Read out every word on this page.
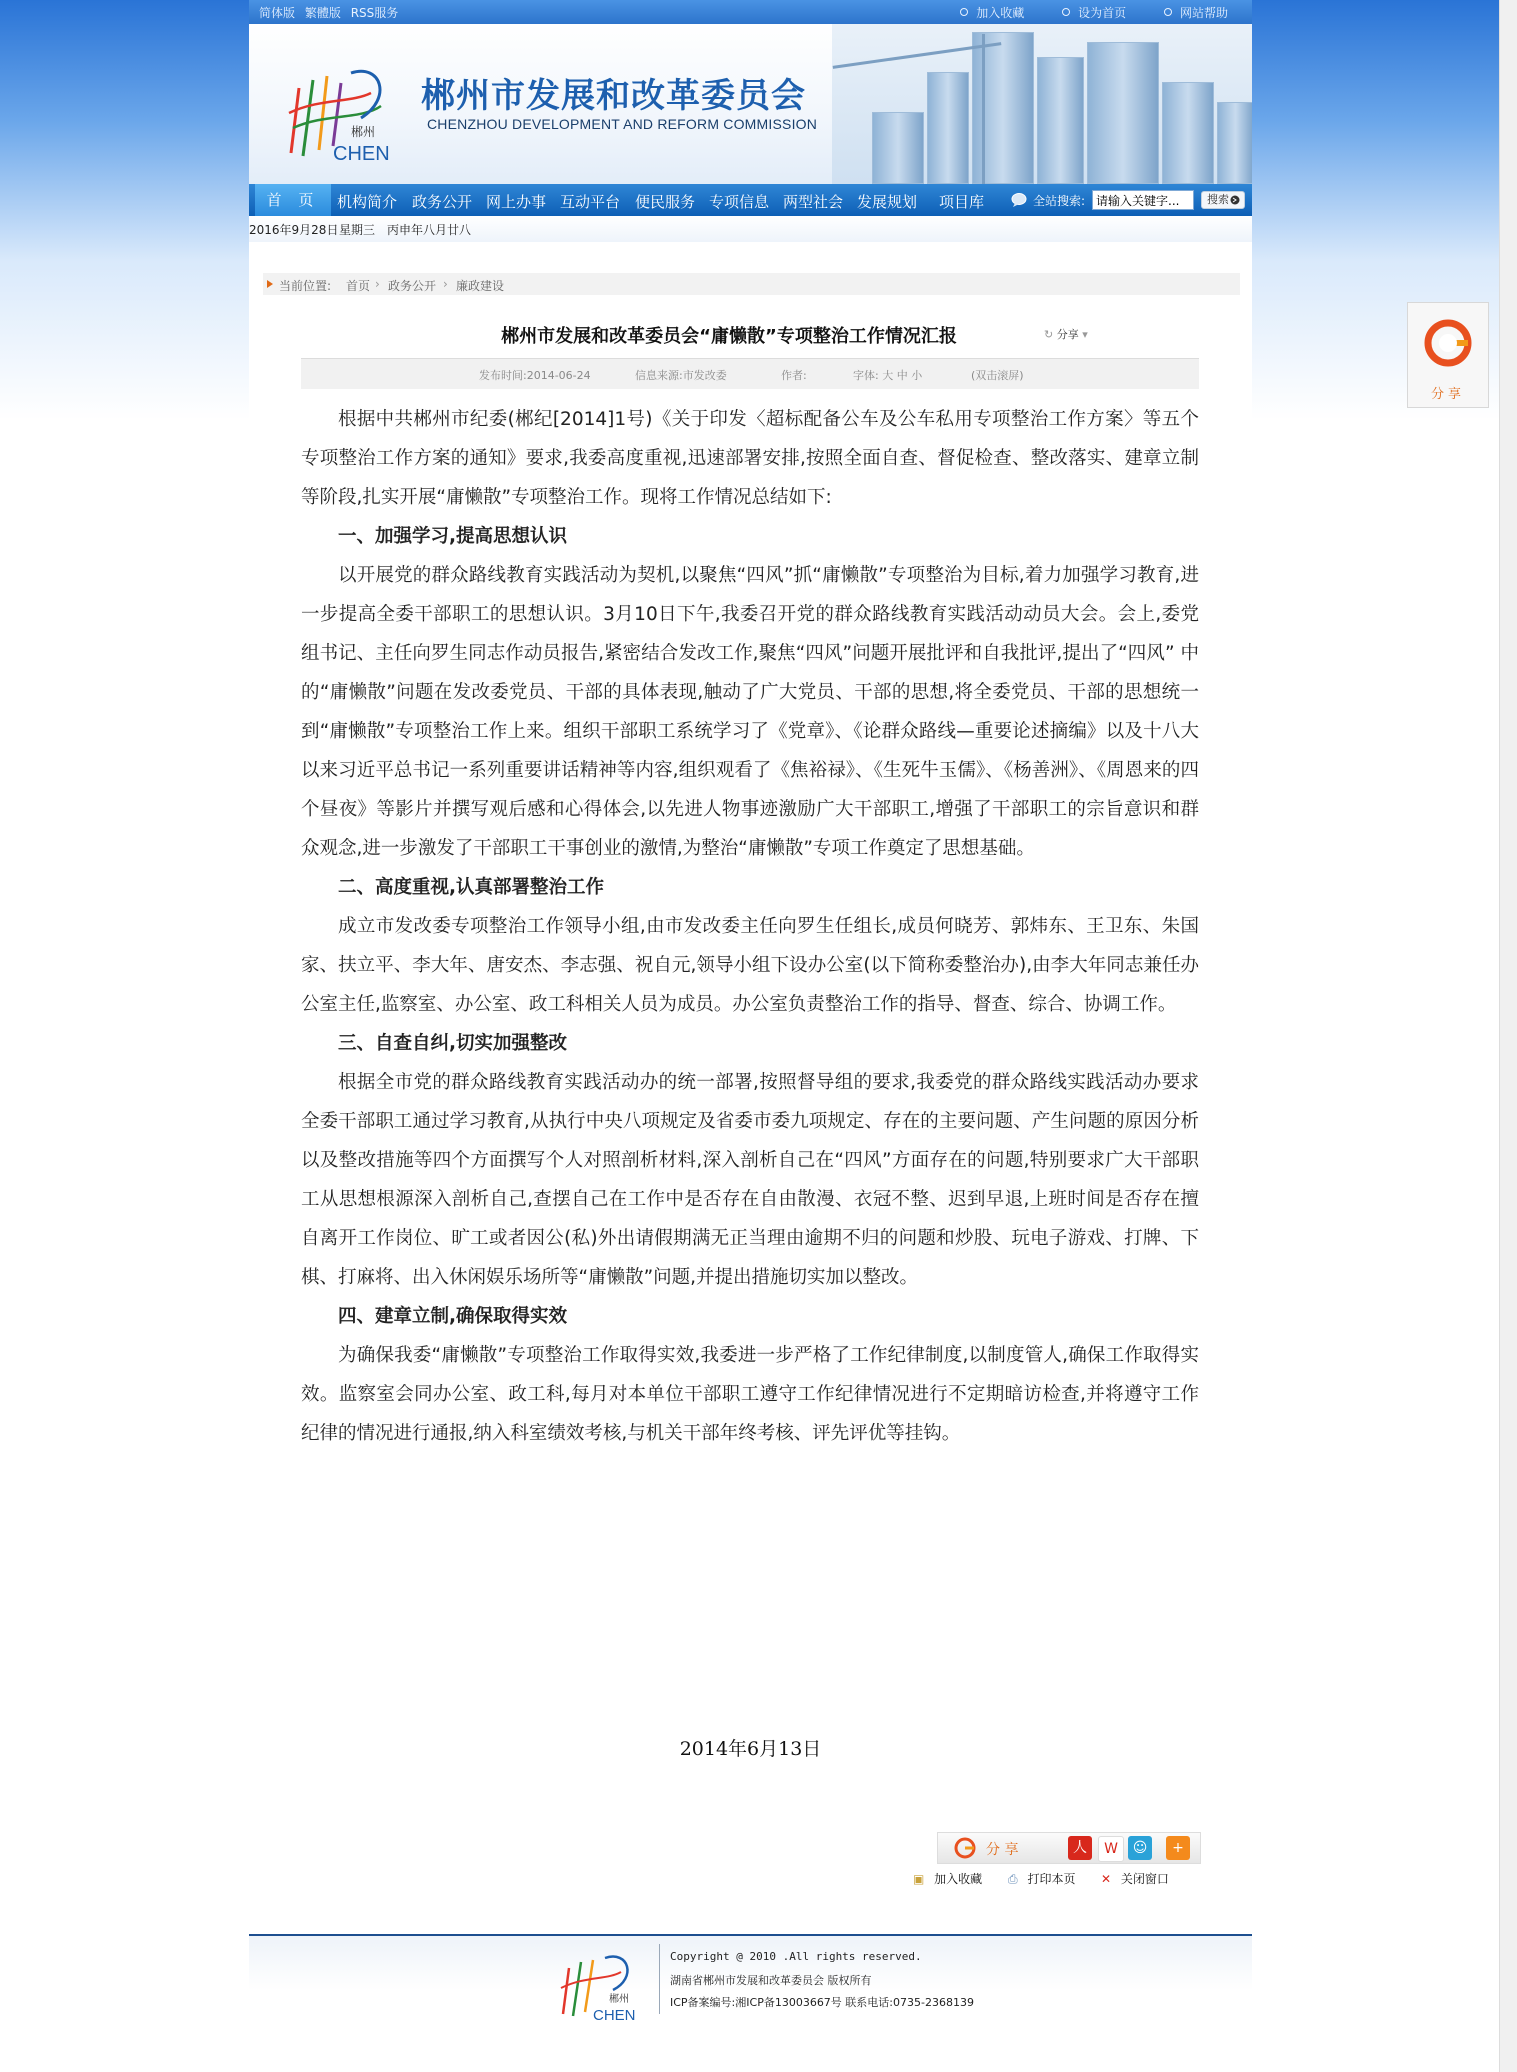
简体版 繁體版 RSS服务	加入收藏	设为首页	网站帮助
郴州
CHEN
郴州市发展和改革委员会
CHENZHOU DEVELOPMENT AND REFORM COMMISSION
首 页	机构简介 政务公开 网上办事 互动平台 便民服务 专项信息 两型社会 发展规划 项目库	全站搜索:
请输入关键字...	搜索
2016年9月28日 星期三 丙申年八月廿八
当前位置: 首页 › 政务公开 › 廉政建设
郴州市发展和改革委员会“庸懒散”专项整治工作情况汇报	↻ 分享 ▾
发布时间:2014-06-24	信息来源:市发改委	作者:	字体: 大 中 小	(双击滚屏)

根据中共郴州市纪委(郴纪[2014]1号)《关于印发〈超标配备公车及公车私用专项整治工作方案〉等五个专项整治工作方案的通知》要求,我委高度重视,迅速部署安排,按照全面自查、督促检查、整改落实、建章立制等阶段,扎实开展“庸懒散”专项整治工作。现将工作情况总结如下:

一、加强学习,提高思想认识

以开展党的群众路线教育实践活动为契机,以聚焦“四风”抓“庸懒散”专项整治为目标,着力加强学习教育,进一步提高全委干部职工的思想认识。3月10日下午,我委召开党的群众路线教育实践活动动员大会。会上,委党组书记、主任向罗生同志作动员报告,紧密结合发改工作,聚焦“四风”问题开展批评和自我批评,提出了“四风” 中的“庸懒散”问题在发改委党员、干部的具体表现,触动了广大党员、干部的思想,将全委党员、干部的思想统一到“庸懒散”专项整治工作上来。组织干部职工系统学习了《党章》、《论群众路线—重要论述摘编》以及十八大以来习近平总书记一系列重要讲话精神等内容,组织观看了《焦裕禄》、《生死牛玉儒》、《杨善洲》、《周恩来的四个昼夜》等影片并撰写观后感和心得体会,以先进人物事迹激励广大干部职工,增强了干部职工的宗旨意识和群众观念,进一步激发了干部职工干事创业的激情,为整治“庸懒散”专项工作奠定了思想基础。

二、高度重视,认真部署整治工作

成立市发改委专项整治工作领导小组,由市发改委主任向罗生任组长,成员何晓芳、郭炜东、王卫东、朱国家、扶立平、李大年、唐安杰、李志强、祝自元,领导小组下设办公室(以下简称委整治办),由李大年同志兼任办公室主任,监察室、办公室、政工科相关人员为成员。办公室负责整治工作的指导、督查、综合、协调工作。

三、自查自纠,切实加强整改

根据全市党的群众路线教育实践活动办的统一部署,按照督导组的要求,我委党的群众路线实践活动办要求全委干部职工通过学习教育,从执行中央八项规定及省委市委九项规定、存在的主要问题、产生问题的原因分析以及整改措施等四个方面撰写个人对照剖析材料,深入剖析自己在“四风”方面存在的问题,特别要求广大干部职工从思想根源深入剖析自己,查摆自己在工作中是否存在自由散漫、衣冠不整、迟到早退,上班时间是否存在擅自离开工作岗位、旷工或者因公(私)外出请假期满无正当理由逾期不归的问题和炒股、玩电子游戏、打牌、下棋、打麻将、出入休闲娱乐场所等“庸懒散”问题,并提出措施切实加以整改。

四、建章立制,确保取得实效

为确保我委“庸懒散”专项整治工作取得实效,我委进一步严格了工作纪律制度,以制度管人,确保工作取得实效。监察室会同办公室、政工科,每月对本单位干部职工遵守工作纪律情况进行不定期暗访检查,并将遵守工作纪律的情况进行通报,纳入科室绩效考核,与机关干部年终考核、评先评优等挂钩。

2014年6月13日
分 享	人	W	☺	+
▣ 加入收藏 ⎙ 打印本页 ✕ 关闭窗口
郴州
CHEN
Copyright @ 2010 .All rights reserved.
湖南省郴州市发展和改革委员会 版权所有
ICP备案编号:湘ICP备13003667号 联系电话:0735-2368139
分享
